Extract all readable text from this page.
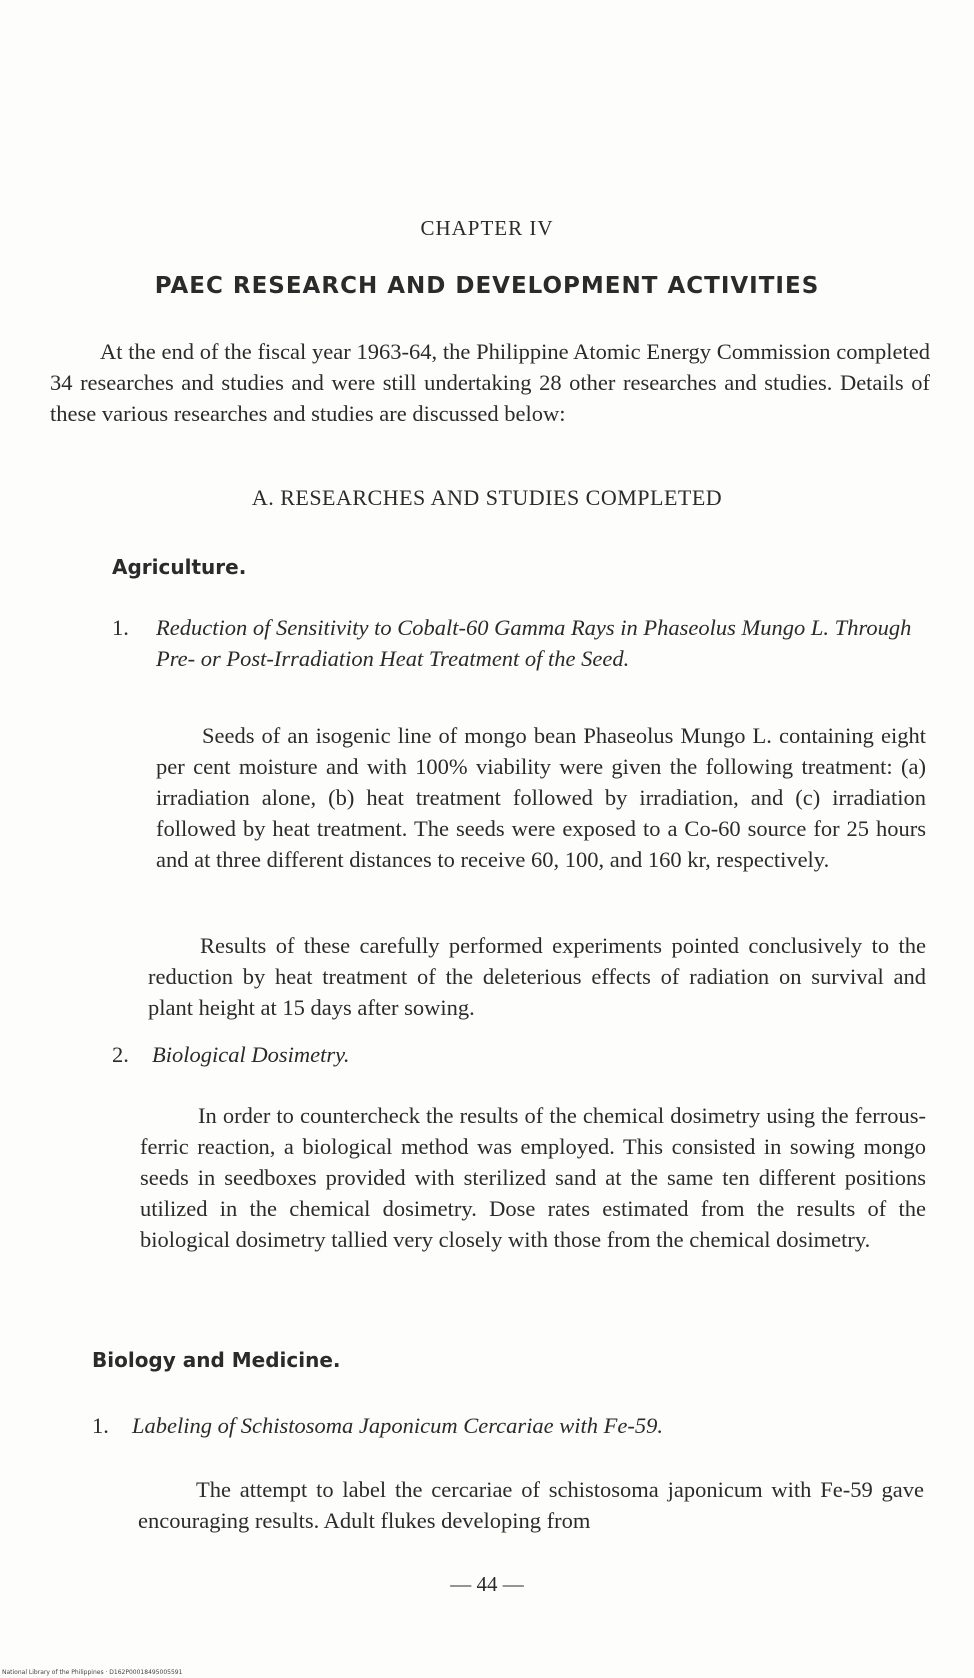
CHAPTER IV
PAEC RESEARCH AND DEVELOPMENT ACTIVITIES

At the end of the fiscal year 1963-64, the Philippine Atomic Energy Commission completed 34 researches and studies and were still undertaking 28 other researches and studies. Details of these various researches and studies are discussed below:

A. RESEARCHES AND STUDIES COMPLETED
Agriculture.
1. Reduction of Sensitivity to Cobalt-60 Gamma Rays in Phaseolus Mungo L. Through Pre- or Post-Irradiation Heat Treatment of the Seed.

Seeds of an isogenic line of mongo bean Phaseolus Mungo L. containing eight per cent moisture and with 100% viability were given the following treatment: (a) irradiation alone, (b) heat treatment followed by irradiation, and (c) irradiation followed by heat treatment. The seeds were exposed to a Co-60 source for 25 hours and at three different distances to receive 60, 100, and 160 kr, respectively.

Results of these carefully performed experiments pointed conclusively to the reduction by heat treatment of the deleterious effects of radiation on survival and plant height at 15 days after sowing.

2. Biological Dosimetry.

In order to countercheck the results of the chemical dosimetry using the ferrous-ferric reaction, a biological method was employed. This consisted in sowing mongo seeds in seedboxes provided with sterilized sand at the same ten different positions utilized in the chemical dosimetry. Dose rates estimated from the results of the biological dosimetry tallied very closely with those from the chemical dosimetry.

Biology and Medicine.
1. Labeling of Schistosoma Japonicum Cercariae with Fe-59.

The attempt to label the cercariae of schistosoma japonicum with Fe-59 gave encouraging results. Adult flukes developing from

— 44 —
National Library of the Philippines · D162P00018495005591
